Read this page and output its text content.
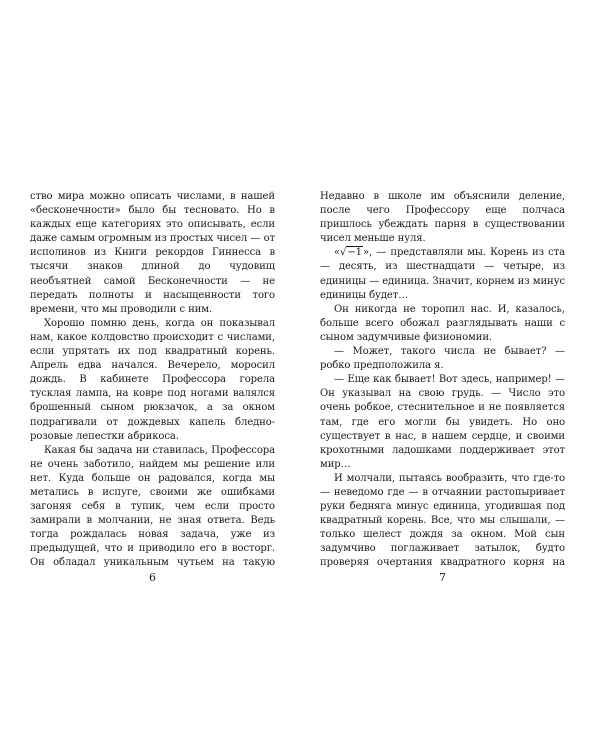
ство мира можно описать числами, в нашей «бесконечности» было бы тесновато. Но в каждых еще категориях это описывать, если даже самым огромным из простых чисел — от исполинов из Книги рекордов Гиннесса в тысячи знаков длиной до чудовищ необъятней самой Бесконечности — не передать полноты и насыщенности того времени, что мы проводили с ним.

Хорошо помню день, когда он показывал нам, какое колдовство происходит с числами, если упрятать их под квадратный корень. Апрель едва начался. Вечерело, моросил дождь. В кабинете Профессора горела тусклая лампа, на ковре под ногами валялся брошенный сыном рюкзачок, а за окном подрагивали от дождевых капель бледно-розовые лепестки абрикоса.

Какая бы задача ни ставилась, Профессора не очень заботило, найдем мы решение или нет. Куда больше он радовался, когда мы метались в испуге, своими же ошибками загоняя себя в тупик, чем если просто замирали в молчании, не зная ответа. Ведь тогда рождалась новая задача, уже из предыдущей, что и приводило его в восторг. Он обладал уникальным чутьем на такую

6

Недавно в школе им объяснили деление, после чего Профессору еще полчаса пришлось убеждать парня в существовании чисел меньше нуля.

«√−1», — представляли мы. Корень из ста — десять, из шестнадцати — четыре, из единицы — единица. Значит, корнем из минус единицы будет…

Он никогда не торопил нас. И, казалось, больше всего обожал разглядывать наши с сыном задумчивые физиономии.

— Может, такого числа не бывает? — робко предположила я.

— Еще как бывает! Вот здесь, например! — Он указывал на свою грудь. — Число это очень робкое, стеснительное и не появляется там, где его могли бы увидеть. Но оно существует в нас, в нашем сердце, и своими крохотными ладошками поддерживает этот мир…

И молчали, пытаясь вообразить, что где-то — неведомо где — в отчаянии растопыривает руки бедняга минус единица, угодившая под квадратный корень. Все, что мы слышали, — только шелест дождя за окном. Мой сын задумчиво поглаживает затылок, будто проверяя очертания квадратного корня на

7
